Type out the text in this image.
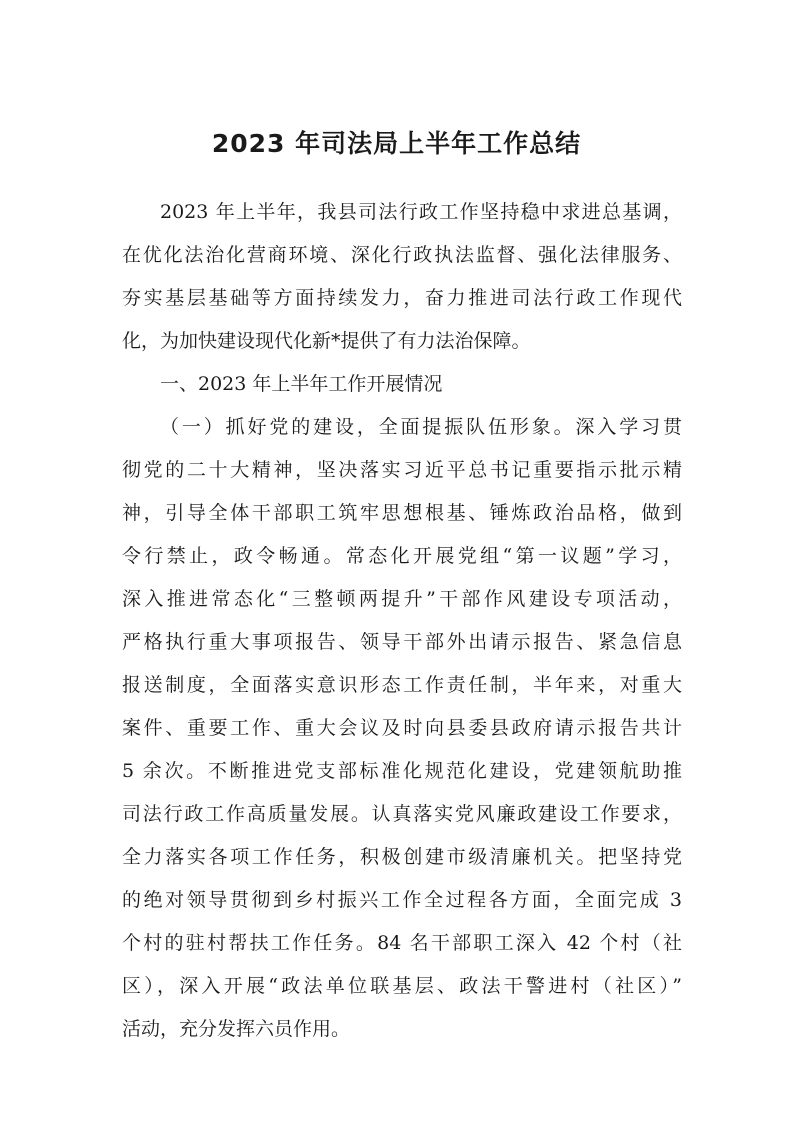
2023 年司法局上半年工作总结
2023 年上半年，我县司法行政工作坚持稳中求进总基调，
在优化法治化营商环境、深化行政执法监督、强化法律服务、
夯实基层基础等方面持续发力，奋力推进司法行政工作现代
化，为加快建设现代化新*提供了有力法治保障。
一、2023 年上半年工作开展情况
（一）抓好党的建设，全面提振队伍形象。深入学习贯
彻党的二十大精神，坚决落实习近平总书记重要指示批示精
神，引导全体干部职工筑牢思想根基、锤炼政治品格，做到
令行禁止，政令畅通。常态化开展党组“第一议题”学习，
深入推进常态化“三整顿两提升”干部作风建设专项活动，
严格执行重大事项报告、领导干部外出请示报告、紧急信息
报送制度，全面落实意识形态工作责任制，半年来，对重大
案件、重要工作、重大会议及时向县委县政府请示报告共计
5 余次。不断推进党支部标准化规范化建设，党建领航助推
司法行政工作高质量发展。认真落实党风廉政建设工作要求，
全力落实各项工作任务，积极创建市级清廉机关。把坚持党
的绝对领导贯彻到乡村振兴工作全过程各方面，全面完成 3
个村的驻村帮扶工作任务。84 名干部职工深入 42 个村（社
区），深入开展“政法单位联基层、政法干警进村（社区）”
活动，充分发挥六员作用。
